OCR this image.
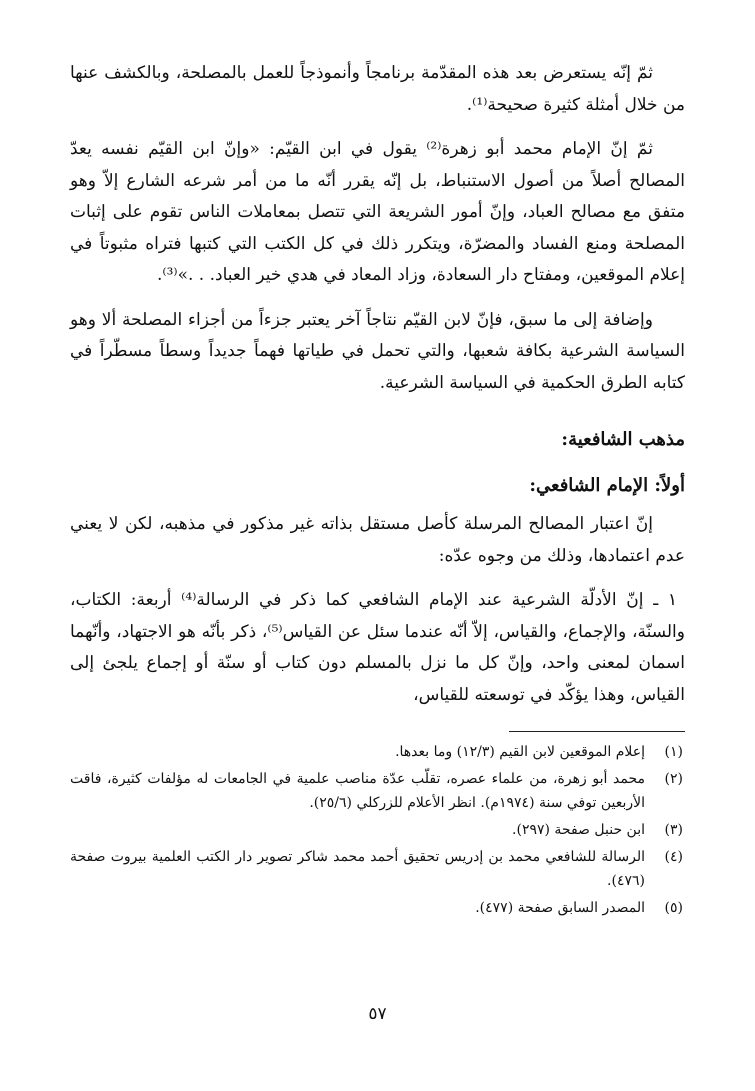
ثمّ إنّه يستعرض بعد هذه المقدّمة برنامجاً وأنموذجاً للعمل بالمصلحة، وبالكشف عنها من خلال أمثلة كثيرة صحيحة⁽¹⁾.

ثمّ إنّ الإمام محمد أبو زهرة⁽²⁾ يقول في ابن القيّم: «وإنّ ابن القيّم نفسه يعدّ المصالح أصلاً من أصول الاستنباط، بل إنّه يقرر أنّه ما من أمر شرعه الشارع إلاّ وهو متفق مع مصالح العباد، وإنّ أمور الشريعة التي تتصل بمعاملات الناس تقوم على إثبات المصلحة ومنع الفساد والمضرّة، ويتكرر ذلك في كل الكتب التي كتبها فتراه مثبوتاً في إعلام الموقعين، ومفتاح دار السعادة، وزاد المعاد في هدي خير العباد. . .»⁽³⁾.

وإضافة إلى ما سبق، فإنّ لابن القيّم نتاجاً آخر يعتبر جزءاً من أجزاء المصلحة ألا وهو السياسة الشرعية بكافة شعبها، والتي تحمل في طياتها فهماً جديداً وسطاً مسطّراً في كتابه الطرق الحكمية في السياسة الشرعية.

مذهب الشافعية:
أولاً: الإمام الشافعي:

إنّ اعتبار المصالح المرسلة كأصل مستقل بذاته غير مذكور في مذهبه، لكن لا يعني عدم اعتمادها، وذلك من وجوه عدّه:

١ ـ إنّ الأدلّة الشرعية عند الإمام الشافعي كما ذكر في الرسالة⁽⁴⁾ أربعة: الكتاب، والسنّة، والإجماع، والقياس، إلاّ أنّه عندما سئل عن القياس⁽⁵⁾، ذكر بأنّه هو الاجتهاد، وأنّهما اسمان لمعنى واحد، وإنّ كل ما نزل بالمسلم دون كتاب أو سنّة أو إجماع يلجئ إلى القياس، وهذا يؤكّد في توسعته للقياس،

(١)
إعلام الموقعين لابن القيم (١٢/٣) وما بعدها.
(٢)
محمد أبو زهرة، من علماء عصره، تقلّب عدّة مناصب علمية في الجامعات له مؤلفات كثيرة، فاقت الأربعين توفي سنة (١٩٧٤م). انظر الأعلام للزركلي (٢٥/٦).
(٣)
ابن حنبل صفحة (٢٩٧).
(٤)
الرسالة للشافعي محمد بن إدريس تحقيق أحمد محمد شاكر تصوير دار الكتب العلمية بيروت صفحة (٤٧٦).
(٥)
المصدر السابق صفحة (٤٧٧).
٥٧
